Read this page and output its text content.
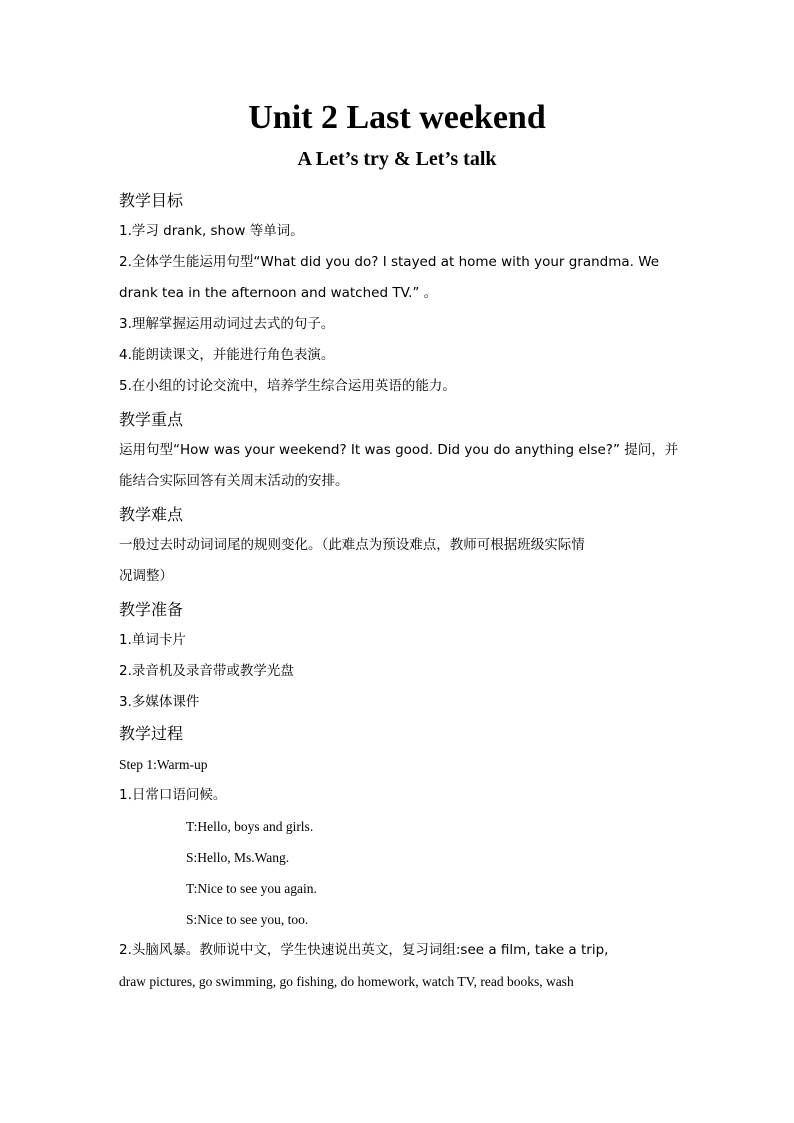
Unit 2 Last weekend
A Let’s try & Let’s talk
教学目标
1.学习 drank, show 等单词。
2.全体学生能运用句型“What did you do? I stayed at home with your grandma. We
drank tea in the afternoon and watched TV.” 。
3.理解掌握运用动词过去式的句子。
4.能朗读课文，并能进行角色表演。
5.在小组的讨论交流中，培养学生综合运用英语的能力。
教学重点
运用句型“How was your weekend? It was good. Did you do anything else?” 提问，并
能结合实际回答有关周末活动的安排。
教学难点
一般过去时动词词尾的规则变化。（此难点为预设难点，教师可根据班级实际情
况调整）
教学准备
1.单词卡片
2.录音机及录音带或教学光盘
3.多媒体课件
教学过程
Step 1:Warm-up
1.日常口语问候。
T:Hello, boys and girls.
S:Hello, Ms.Wang.
T:Nice to see you again.
S:Nice to see you, too.
2.头脑风暴。教师说中文，学生快速说出英文，复习词组:see a film, take a trip,
draw pictures, go swimming, go fishing, do homework, watch TV, read books, wash
